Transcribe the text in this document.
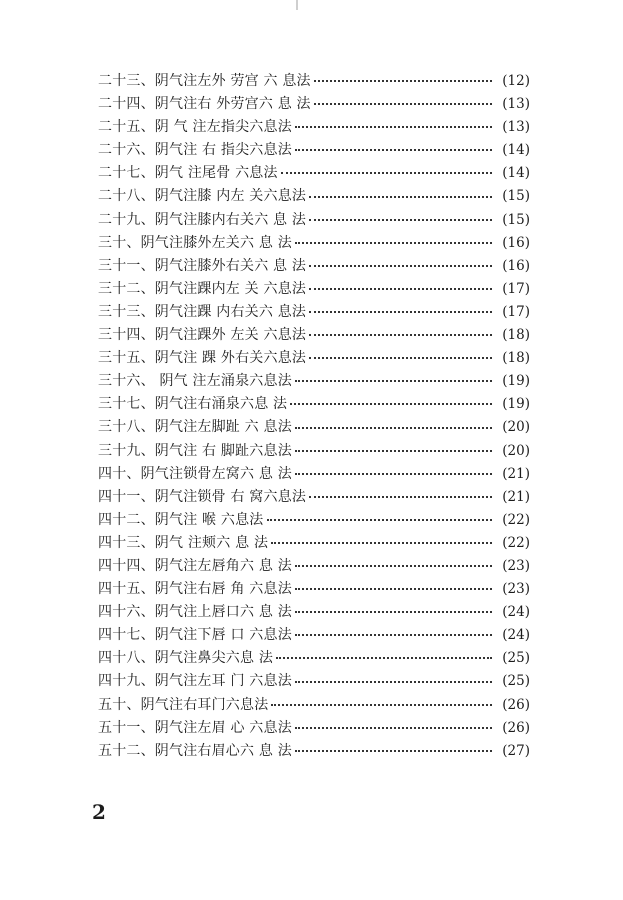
二十三、阴气注左外 劳宫 六 息法	(12)
二十四、阴气注右 外劳宫六 息 法	(13)
二十五、阴 气 注左指尖六息法	(13)
二十六、阴气注 右 指尖六息法	(14)
二十七、阴气 注尾骨 六息法	(14)
二十八、阴气注膝 内左 关六息法	(15)
二十九、阴气注膝内右关六 息 法	(15)
三十、阴气注膝外左关六 息 法	(16)
三十一、阴气注膝外右关六 息 法	(16)
三十二、阴气注踝内左 关 六息法	(17)
三十三、阴气注踝 内右关六 息法	(17)
三十四、阴气注踝外 左关 六息法	(18)
三十五、阴气注 踝 外右关六息法	(18)
三十六、 阴气 注左涌泉六息法	(19)
三十七、阴气注右涌泉六息 法	(19)
三十八、阴气注左脚趾 六 息法	(20)
三十九、阴气注 右 脚趾六息法	(20)
四十、阴气注锁骨左窝六 息 法	(21)
四十一、阴气注锁骨 右 窝六息法	(21)
四十二、阴气注 喉 六息法	(22)
四十三、阴气 注颊六 息 法	(22)
四十四、阴气注左唇角六 息 法	(23)
四十五、阴气注右唇 角 六息法	(23)
四十六、阴气注上唇口六 息 法	(24)
四十七、阴气注下唇 口 六息法	(24)
四十八、阴气注鼻尖六息 法	(25)
四十九、阴气注左耳 门 六息法	(25)
五十、阴气注右耳门六息法	(26)
五十一、阴气注左眉 心 六息法	(26)
五十二、阴气注右眉心六 息 法	(27)
2
